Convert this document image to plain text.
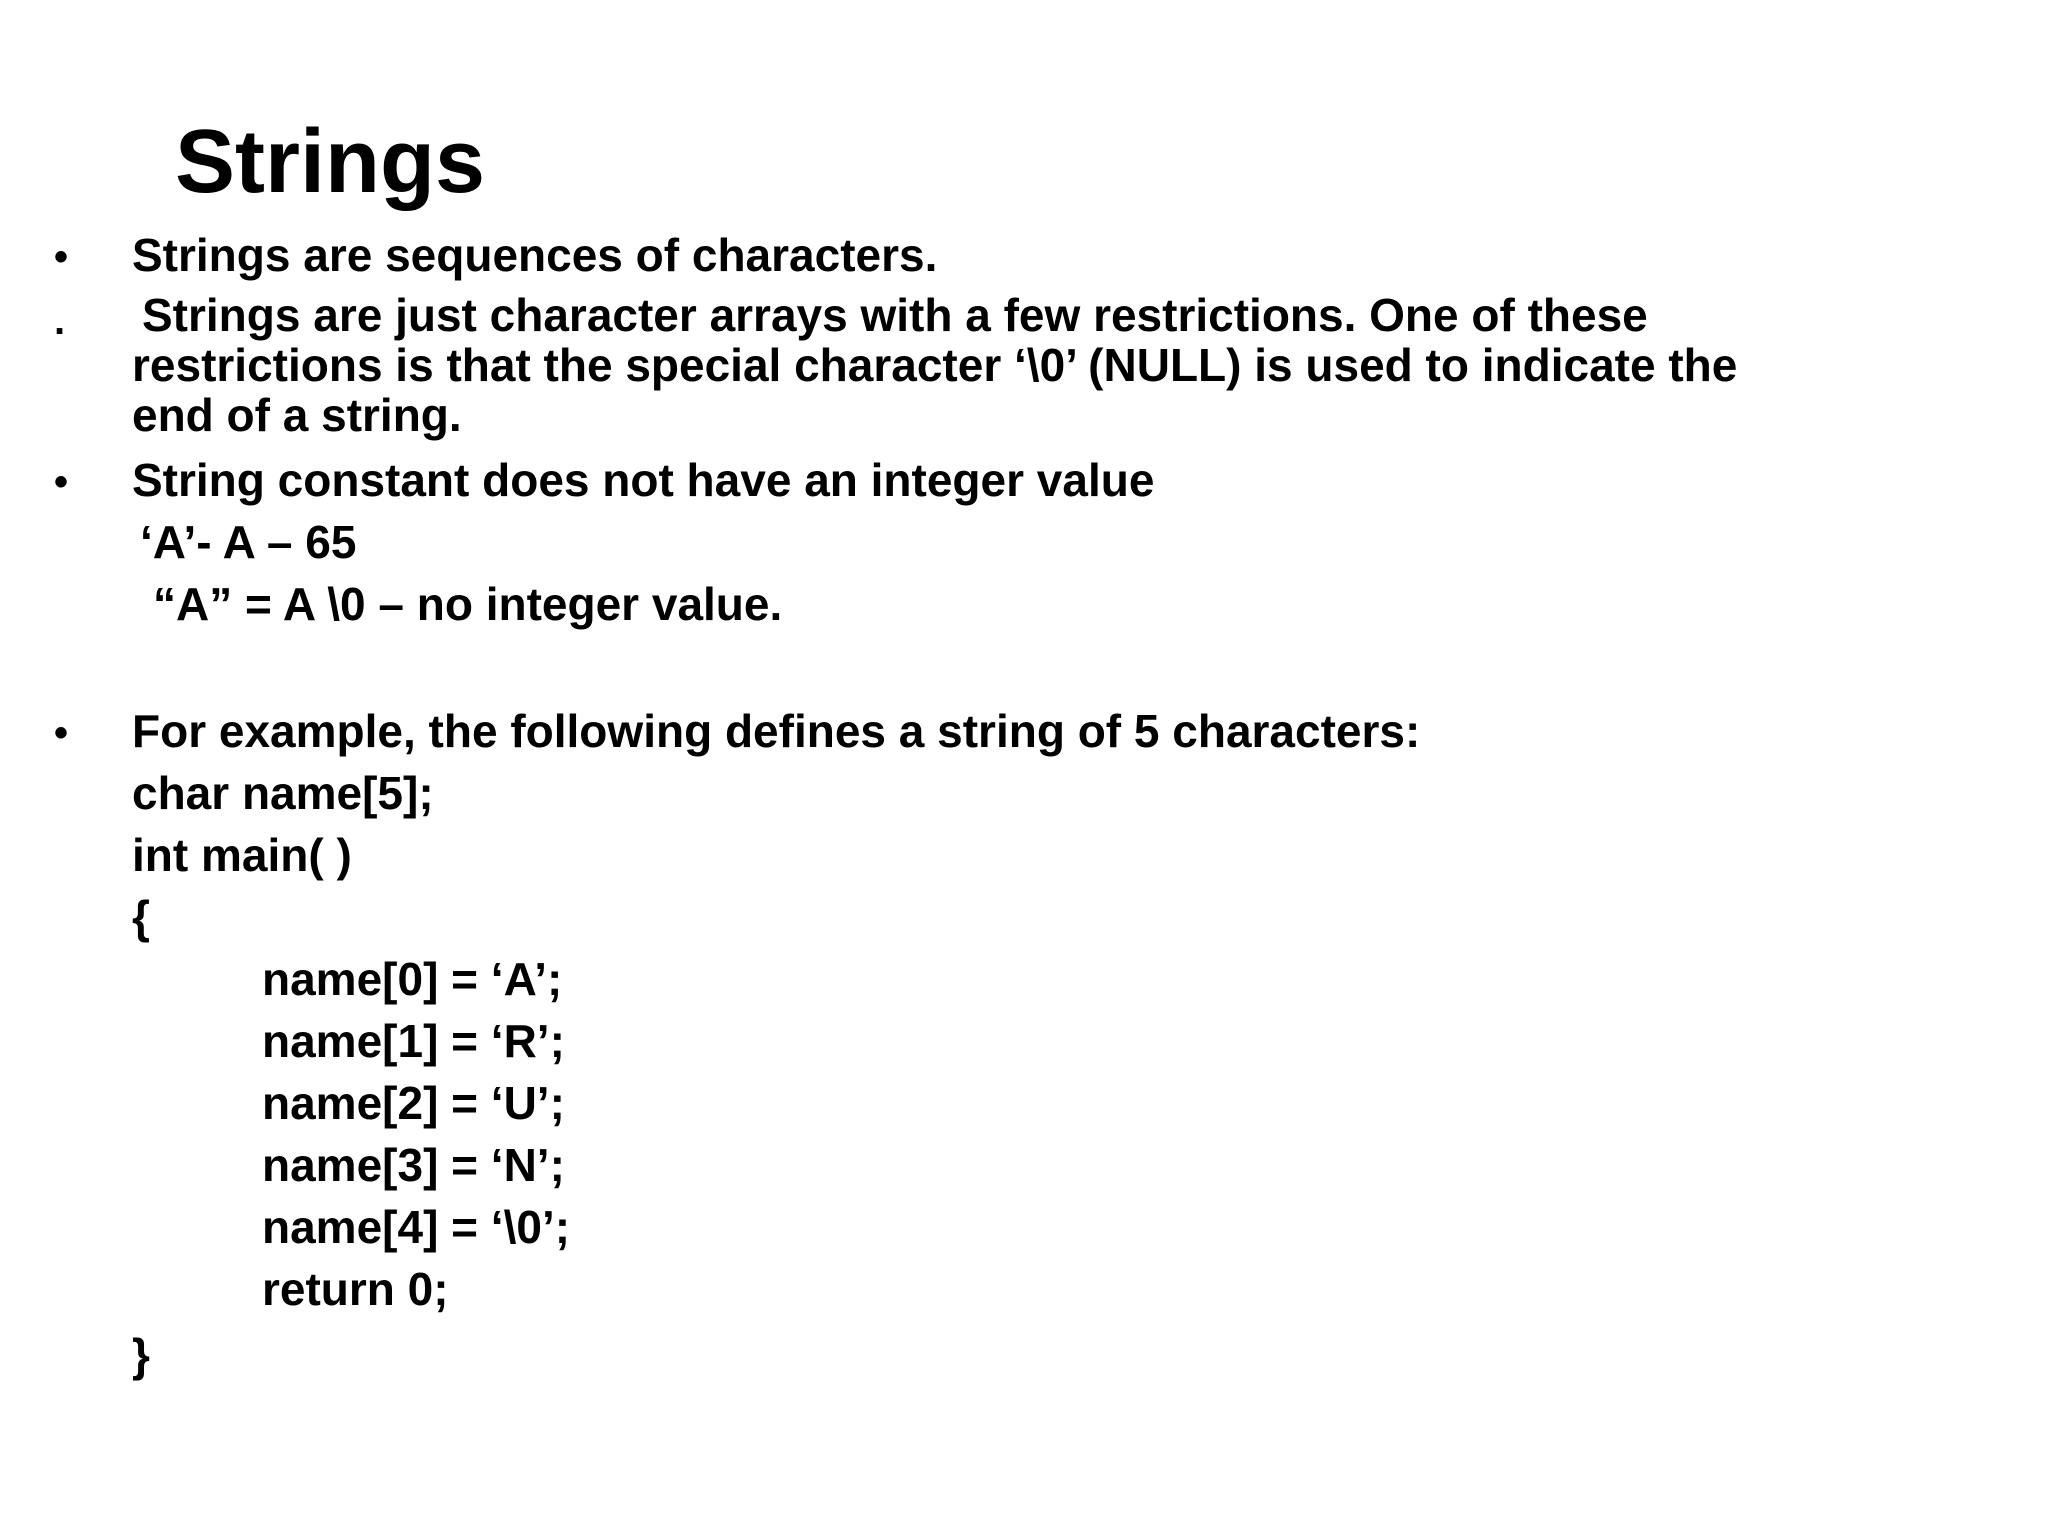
Strings
• Strings are sequences of characters.
. Strings are just character arrays with a few restrictions. One of these
restrictions is that the special character ‘\0’ (NULL) is used to indicate the
end of a string.
• String constant does not have an integer value
‘A’- A – 65
“A” = A \0 – no integer value.
• For example, the following defines a string of 5 characters:
char name[5];
int main( )
{
name[0] = ‘A’;
name[1] = ‘R’;
name[2] = ‘U’;
name[3] = ‘N’;
name[4] = ‘\0’;
return 0;
}
